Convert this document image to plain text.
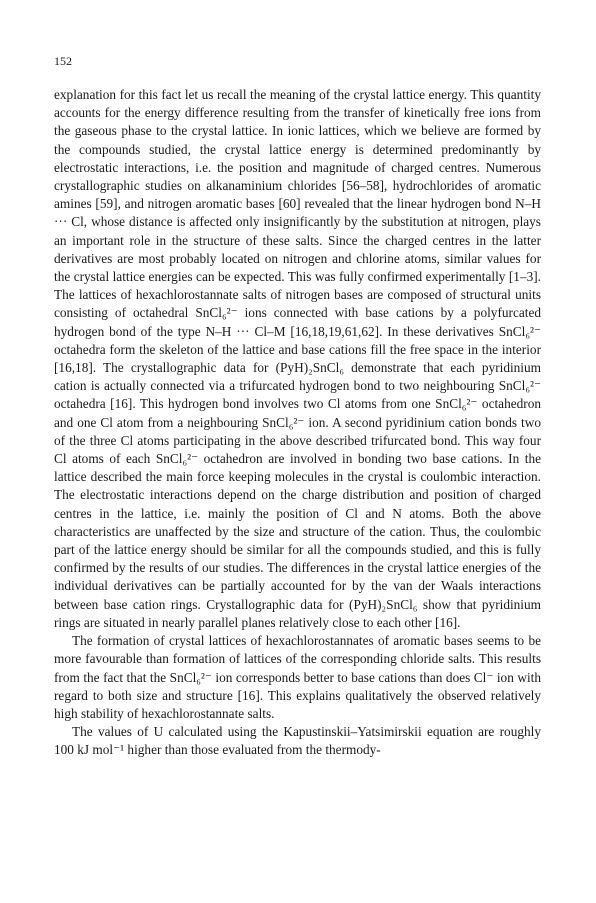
152

explanation for this fact let us recall the meaning of the crystal lattice energy. This quantity accounts for the energy difference resulting from the transfer of kinetically free ions from the gaseous phase to the crystal lattice. In ionic lattices, which we believe are formed by the compounds studied, the crystal lattice energy is determined predominantly by electrostatic interactions, i.e. the position and magnitude of charged centres. Numerous crystallographic studies on alkanaminium chlorides [56–58], hydrochlorides of aromatic amines [59], and nitrogen aromatic bases [60] revealed that the linear hydrogen bond N–H ··· Cl, whose distance is affected only insignificantly by the substitution at nitrogen, plays an important role in the structure of these salts. Since the charged centres in the latter derivatives are most probably located on nitrogen and chlorine atoms, similar values for the crystal lattice energies can be expected. This was fully confirmed experimentally [1–3]. The lattices of hexachlorostannate salts of nitrogen bases are composed of structural units consisting of octahedral SnCl₆²⁻ ions connected with base cations by a polyfurcated hydrogen bond of the type N–H ··· Cl–M [16,18,19,61,62]. In these derivatives SnCl₆²⁻ octahedra form the skeleton of the lattice and base cations fill the free space in the interior [16,18]. The crystallographic data for (PyH)₂SnCl₆ demonstrate that each pyridinium cation is actually connected via a trifurcated hydrogen bond to two neighbouring SnCl₆²⁻ octahedra [16]. This hydrogen bond involves two Cl atoms from one SnCl₆²⁻ octahedron and one Cl atom from a neighbouring SnCl₆²⁻ ion. A second pyridinium cation bonds two of the three Cl atoms participating in the above described trifurcated bond. This way four Cl atoms of each SnCl₆²⁻ octahedron are involved in bonding two base cations. In the lattice described the main force keeping molecules in the crystal is coulombic interaction. The electrostatic interactions depend on the charge distribution and position of charged centres in the lattice, i.e. mainly the position of Cl and N atoms. Both the above characteristics are unaffected by the size and structure of the cation. Thus, the coulombic part of the lattice energy should be similar for all the compounds studied, and this is fully confirmed by the results of our studies. The differences in the crystal lattice energies of the individual derivatives can be partially accounted for by the van der Waals interactions between base cation rings. Crystallographic data for (PyH)₂SnCl₆ show that pyridinium rings are situated in nearly parallel planes relatively close to each other [16].

The formation of crystal lattices of hexachlorostannates of aromatic bases seems to be more favourable than formation of lattices of the corresponding chloride salts. This results from the fact that the SnCl₆²⁻ ion corresponds better to base cations than does Cl⁻ ion with regard to both size and structure [16]. This explains qualitatively the observed relatively high stability of hexachlorostannate salts.

The values of U calculated using the Kapustinskii–Yatsimirskii equation are roughly 100 kJ mol⁻¹ higher than those evaluated from the thermody-
